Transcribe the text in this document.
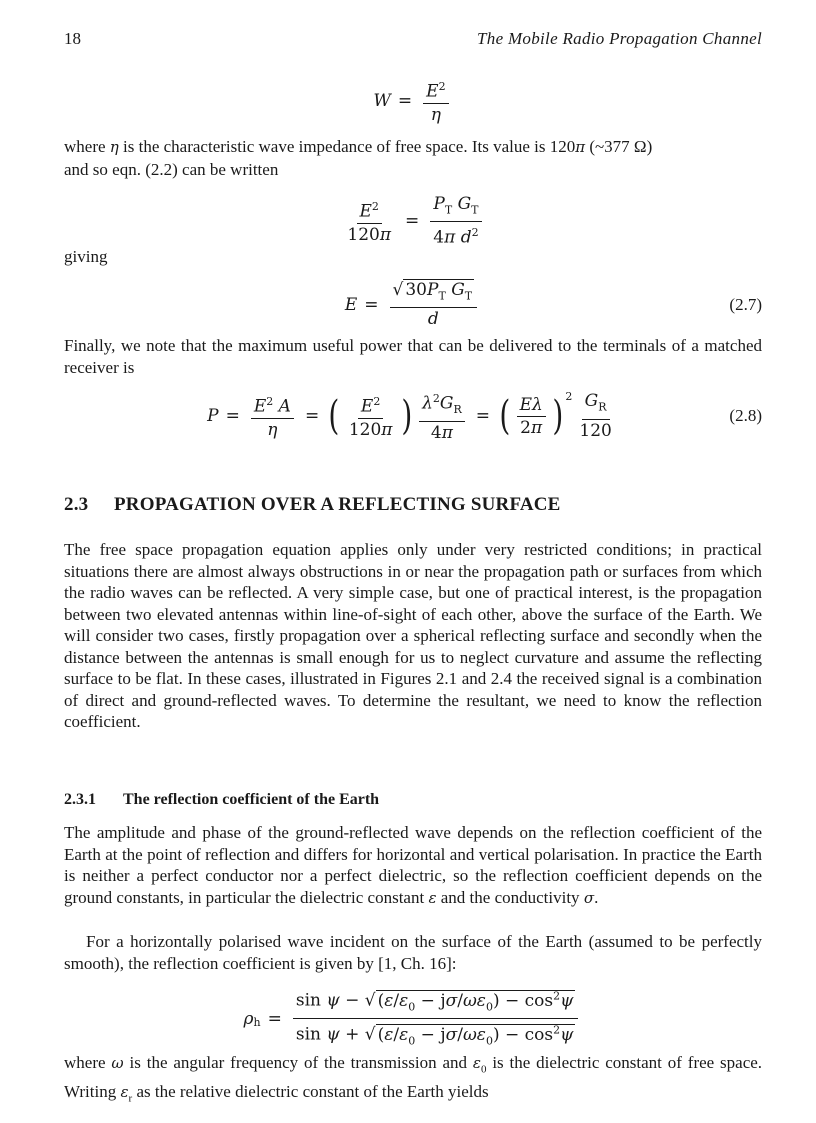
18	The Mobile Radio Propagation Channel
$W = \frac{E^2}{\eta}$

where η is the characteristic wave impedance of free space. Its value is 120π (~377 Ω)
and so eqn. (2.2) can be written

$\frac{E^2}{120\pi} = \frac{P_T G_T}{4\pi d^2}$

giving

$E = \frac{√ 30P_T G_T}{d}$	(2.7)

Finally, we note that the maximum useful power that can be delivered to the terminals of a matched receiver is

$P = \frac{E^2 A}{\eta}$ = ( $\frac{E^2}{120\pi}$ ) $\frac{\lambda^2G_R}{4\pi}$ = ( $\frac{E\lambda}{2\pi} )^2 \frac{G_R}{120}$	(2.8)
2.3 PROPAGATION OVER A REFLECTING SURFACE

The free space propagation equation applies only under very restricted conditions; in practical situations there are almost always obstructions in or near the propagation path or surfaces from which the radio waves can be reflected. A very simple case, but one of practical interest, is the propagation between two elevated antennas within line-of-sight of each other, above the surface of the Earth. We will consider two cases, firstly propagation over a spherical reflecting surface and secondly when the distance between the antennas is small enough for us to neglect curvature and assume the reflecting surface to be flat. In these cases, illustrated in Figures 2.1 and 2.4 the received signal is a combination of direct and ground-reflected waves. To determine the resultant, we need to know the reflection coefficient.

2.3.1 The reflection coefficient of the Earth

The amplitude and phase of the ground-reflected wave depends on the reflection coefficient of the Earth at the point of reflection and differs for horizontal and vertical polarisation. In practice the Earth is neither a perfect conductor nor a perfect dielectric, so the reflection coefficient depends on the ground constants, in particular the dielectric constant ε and the conductivity σ.

For a horizontally polarised wave incident on the surface of the Earth (assumed to be perfectly smooth), the reflection coefficient is given by [1, Ch. 16]:

$\rho_h = \frac{\sin \psi - √ (\varepsilon/\varepsilon_0 - j\sigma/\omega\varepsilon_0) - \cos^2\psi}{\sin \psi + √ (\varepsilon/\varepsilon_0 - j\sigma/\omega\varepsilon_0) - \cos^2\psi}$

where ω is the angular frequency of the transmission and $\varepsilon_0$ is the dielectric constant of free space. Writing $\varepsilon_r$ as the relative dielectric constant of the Earth yields
